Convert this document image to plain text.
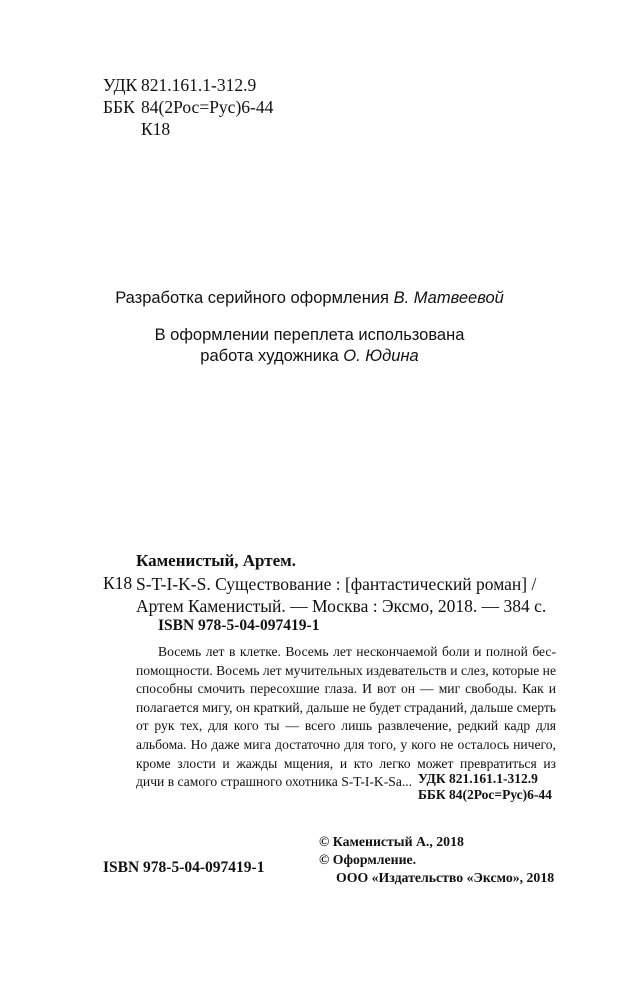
УДК 821.161.1-312.9
ББК 84(2Рос=Рус)6-44
К18
Разработка серийного оформления В. Матвеевой
В оформлении переплета использована
работа художника О. Юдина
Каменистый, Артем.
К18 S-T-I-K-S. Существование : [фантастический роман] /
Артем Каменистый. — Москва : Эксмо, 2018. — 384 с.
ISBN 978-5-04-097419-1
Восемь лет в клетке. Восемь лет нескончаемой боли и полной бес-
помощности. Восемь лет мучительных издевательств и слез, которые не
способны смочить пересохшие глаза. И вот он — миг свободы. Как и
полагается мигу, он краткий, дальше не будет страданий, дальше смерть
от рук тех, для кого ты — всего лишь развлечение, редкий кадр для
альбома. Но даже мига достаточно для того, у кого не осталось ничего,
кроме злости и жажды мщения, и кто легко может превратиться из
дичи в самого страшного охотника S-T-I-K-Sa... УДК 821.161.1-312.9
ББК 84(2Рос=Рус)6-44
© Каменистый А., 2018
© Оформление.
ООО «Издательство «Эксмо», 2018
ISBN 978-5-04-097419-1
